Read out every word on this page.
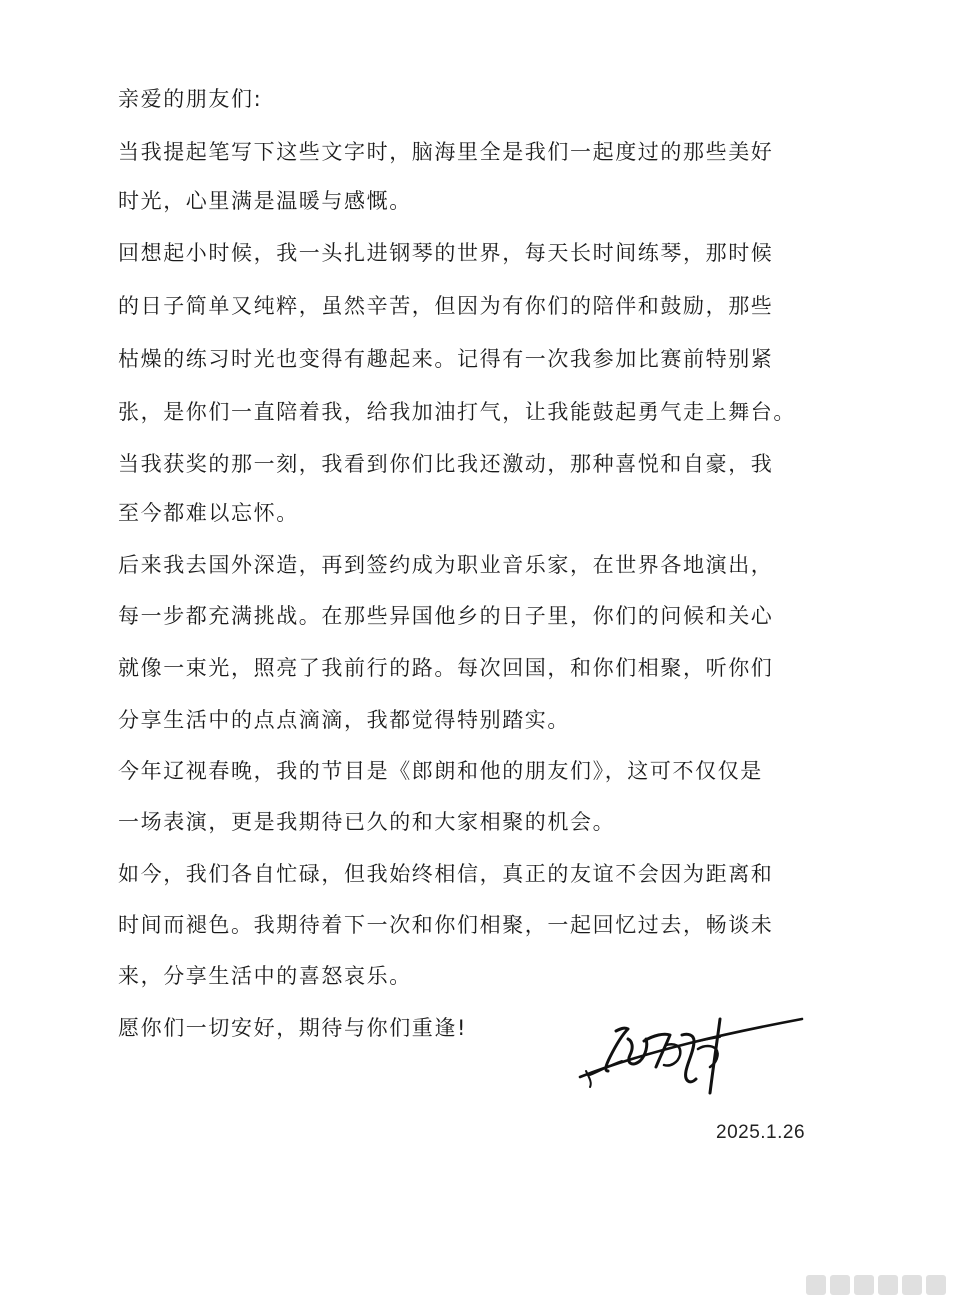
亲爱的朋友们:
当我提起笔写下这些文字时，脑海里全是我们一起度过的那些美好
时光，心里满是温暖与感慨。
回想起小时候，我一头扎进钢琴的世界，每天长时间练琴，那时候
的日子简单又纯粹，虽然辛苦，但因为有你们的陪伴和鼓励，那些
枯燥的练习时光也变得有趣起来。记得有一次我参加比赛前特别紧
张，是你们一直陪着我，给我加油打气，让我能鼓起勇气走上舞台。
当我获奖的那一刻，我看到你们比我还激动，那种喜悦和自豪，我
至今都难以忘怀。
后来我去国外深造，再到签约成为职业音乐家，在世界各地演出，
每一步都充满挑战。在那些异国他乡的日子里，你们的问候和关心
就像一束光，照亮了我前行的路。每次回国，和你们相聚，听你们
分享生活中的点点滴滴，我都觉得特别踏实。
今年辽视春晚，我的节目是《郎朗和他的朋友们》，这可不仅仅是
一场表演，更是我期待已久的和大家相聚的机会。
如今，我们各自忙碌，但我始终相信，真正的友谊不会因为距离和
时间而褪色。我期待着下一次和你们相聚，一起回忆过去，畅谈未
来，分享生活中的喜怒哀乐。
愿你们一切安好，期待与你们重逢!
2025.1.26
